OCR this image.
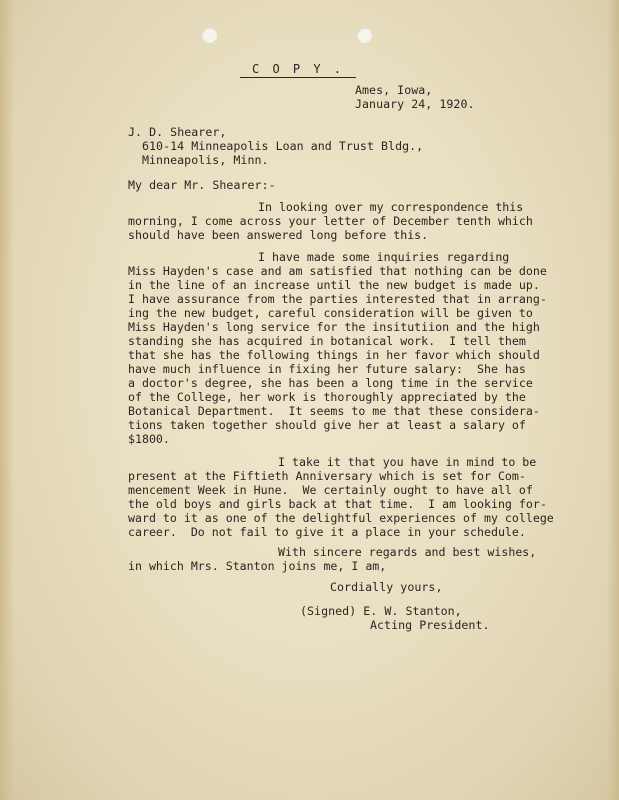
C O P Y .
Ames, Iowa,
January 24, 1920.
J. D. Shearer,
610-14 Minneapolis Loan and Trust Bldg.,
Minneapolis, Minn.
My dear Mr. Shearer:-
In looking over my correspondence this
morning, I come across your letter of December tenth which
should have been answered long before this.
I have made some inquiries regarding
Miss Hayden's case and am satisfied that nothing can be done
in the line of an increase until the new budget is made up.
I have assurance from the parties interested that in arrang-
ing the new budget, careful consideration will be given to
Miss Hayden's long service for the insitutiion and the high
standing she has acquired in botanical work.  I tell them
that she has the following things in her favor which should
have much influence in fixing her future salary:  She has
a doctor's degree, she has been a long time in the service
of the College, her work is thoroughly appreciated by the
Botanical Department.  It seems to me that these considera-
tions taken together should give her at least a salary of
$1800.
I take it that you have in mind to be
present at the Fiftieth Anniversary which is set for Com-
mencement Week in Hune.  We certainly ought to have all of
the old boys and girls back at that time.  I am looking for-
ward to it as one of the delightful experiences of my college
career.  Do not fail to give it a place in your schedule.
With sincere regards and best wishes,
in which Mrs. Stanton joins me, I am,
Cordially yours,
(Signed) E. W. Stanton,
Acting President.
